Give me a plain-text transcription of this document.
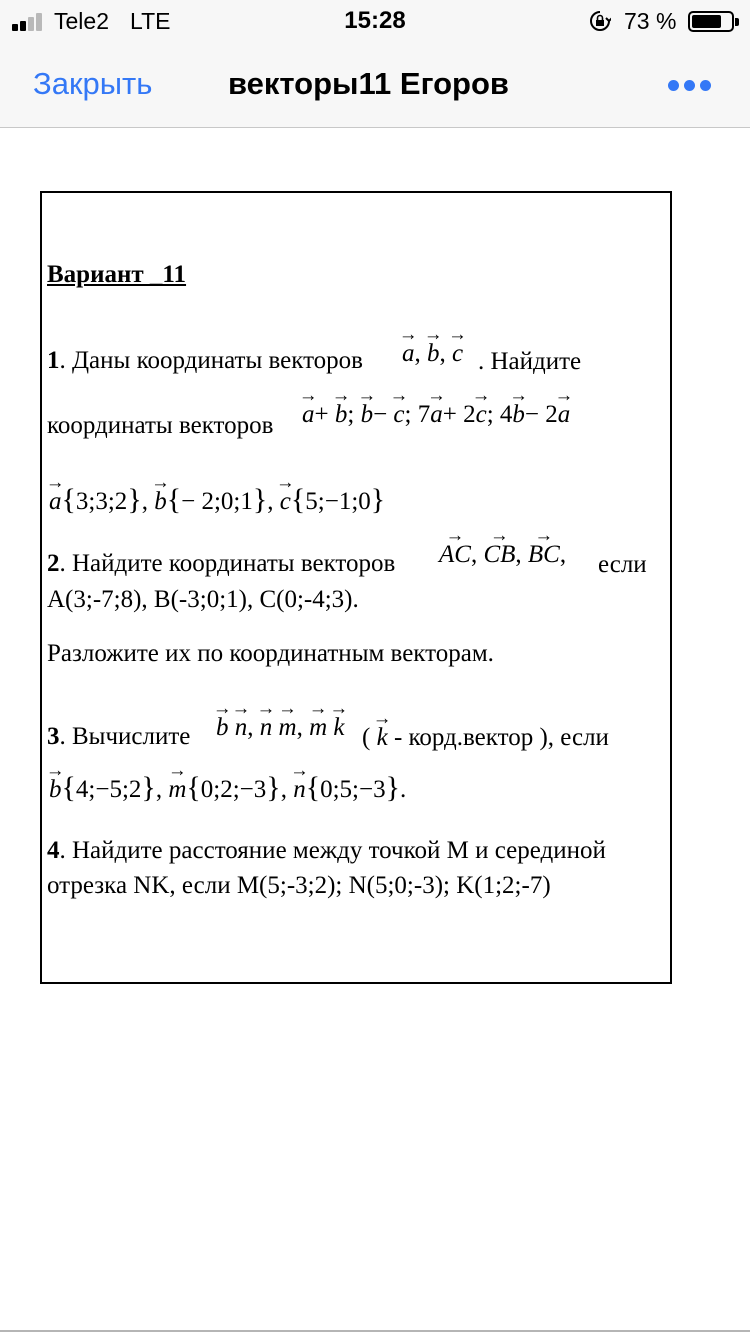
Tele2 LTE	15:28	73 %
Закрыть векторы11 Егоров
Вариант _11
1. Даны координаты векторов → a, → b, → c . Найдите
координаты векторов → a+ → b; → b− → c; 7→ a+ 2→ c; 4→ b− 2→ a
→ a{3;3;2}, → b{− 2;0;1}, → c{5;−1;0}
2. Найдите координаты векторов → AC, → CB, → BC, если
A(3;-7;8), B(-3;0;1), C(0;-4;3).
Разложите их по координатным векторам.
3. Вычислите → b → n, → n → m, → m → k ( → k - корд.вектор ), если
→ b{4;−5;2}, → m{0;2;−3}, → n{0;5;−3}.
4. Найдите расстояние между точкой M и серединой
отрезка NK, если M(5;-3;2); N(5;0;-3); K(1;2;-7)
